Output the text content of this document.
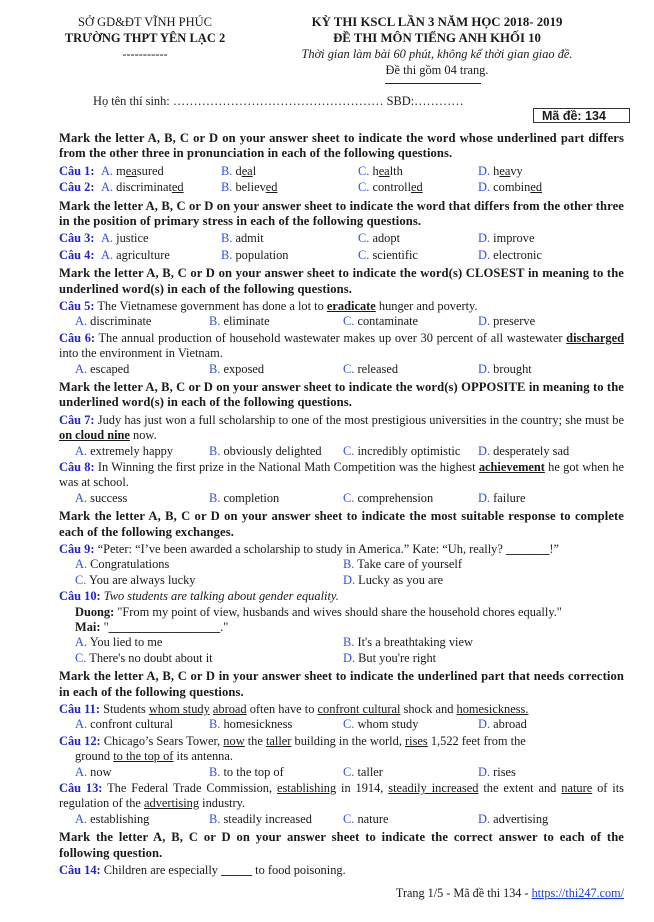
SỞ GD&ĐT VĨNH PHÚC
TRƯỜNG THPT YÊN LẠC 2
-----------
KỲ THI KSCL LẦN 3 NĂM HỌC 2018- 2019
ĐỀ THI MÔN TIẾNG ANH KHỐI 10
Thời gian làm bài 60 phút, không kể thời gian giao đề.
Đề thi gồm 04 trang.
Họ tên thí sinh: …………………………………………… SBD:…………
Mã đề: 134
Mark the letter A, B, C or D on your answer sheet to indicate the word whose underlined part differs from the other three in pronunciation in each of the following questions.
Câu 1: A. measured	B. deal	C. health	D. heavy
Câu 2: A. discriminated	B. believed	C. controlled	D. combined
Mark the letter A, B, C or D on your answer sheet to indicate the word that differs from the other three in the position of primary stress in each of the following questions.
Câu 3: A. justice	B. admit	C. adopt	D. improve
Câu 4: A. agriculture	B. population	C. scientific	D. electronic
Mark the letter A, B, C or D on your answer sheet to indicate the word(s) CLOSEST in meaning to the underlined word(s) in each of the following questions.
Câu 5: The Vietnamese government has done a lot to eradicate hunger and poverty.
A. discriminate	B. eliminate	C. contaminate	D. preserve
Câu 6: The annual production of household wastewater makes up over 30 percent of all wastewater discharged into the environment in Vietnam.
A. escaped	B. exposed	C. released	D. brought
Mark the letter A, B, C or D on your answer sheet to indicate the word(s) OPPOSITE in meaning to the underlined word(s) in each of the following questions.
Câu 7: Judy has just won a full scholarship to one of the most prestigious universities in the country; she must be on cloud nine now.
A. extremely happy	B. obviously delighted C. incredibly optimistic D. desperately sad
Câu 8: In Winning the first prize in the National Math Competition was the highest achievement he got when he was at school.
A. success	B. completion	C. comprehension	D. failure
Mark the letter A, B, C or D on your answer sheet to indicate the most suitable response to complete each of the following exchanges.
Câu 9: “Peter: “I’ve been awarded a scholarship to study in America.” Kate: “Uh, really? _______!”
A. Congratulations	B. Take care of yourself
C. You are always lucky	D. Lucky as you are
Câu 10: Two students are talking about gender equality.
Duong: "From my point of view, husbands and wives should share the household chores equally."
Mai: "__________________."
A. You lied to me	B. It's a breathtaking view
C. There's no doubt about it	D. But you're right
Mark the letter A, B, C or D in your answer sheet to indicate the underlined part that needs correction in each of the following questions.
Câu 11: Students whom study abroad often have to confront cultural shock and homesickness.
A. confront cultural	B. homesickness	C. whom study	D. abroad
Câu 12: Chicago’s Sears Tower, now the taller building in the world, rises 1,522 feet from the
ground to the top of its antenna.
A. now	B. to the top of	C. taller	D. rises
Câu 13: The Federal Trade Commission, establishing in 1914, steadily increased the extent and nature of its regulation of the advertising industry.
A. establishing	B. steadily increased	C. nature	D. advertising
Mark the letter A, B, C or D on your answer sheet to indicate the correct answer to each of the following question.
Câu 14: Children are especially _____ to food poisoning.
Trang 1/5 - Mã đề thi 134 - https://thi247.com/
